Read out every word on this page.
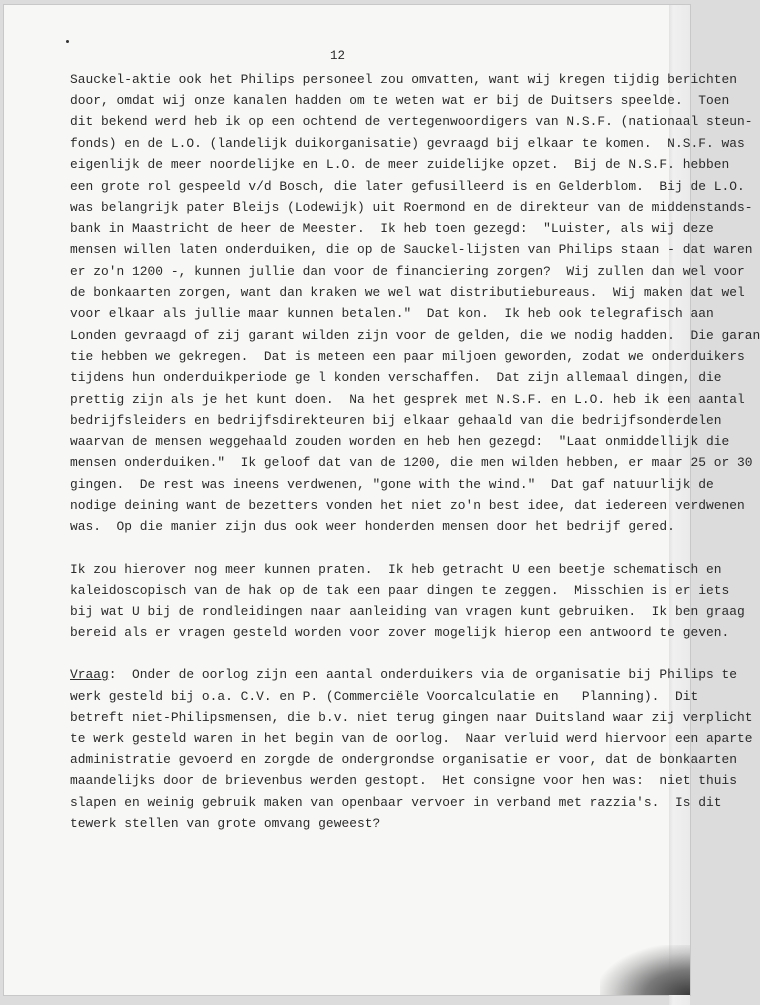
12
Sauckel-aktie ook het Philips personeel zou omvatten, want wij kregen tijdig berichten
door, omdat wij onze kanalen hadden om te weten wat er bij de Duitsers speelde.  Toen
dit bekend werd heb ik op een ochtend de vertegenwoordigers van N.S.F. (nationaal steun-
fonds) en de L.O. (landelijk duikorganisatie) gevraagd bij elkaar te komen.  N.S.F. was
eigenlijk de meer noordelijke en L.O. de meer zuidelijke opzet.  Bij de N.S.F. hebben
een grote rol gespeeld v/d Bosch, die later gefusilleerd is en Gelderblom.  Bij de L.O.
was belangrijk pater Bleijs (Lodewijk) uit Roermond en de direkteur van de middenstands-
bank in Maastricht de heer de Meester.  Ik heb toen gezegd:  "Luister, als wij deze
mensen willen laten onderduiken, die op de Sauckel-lijsten van Philips staan - dat waren
er zo'n 1200 -, kunnen jullie dan voor de financiering zorgen?  Wij zullen dan wel voor
de bonkaarten zorgen, want dan kraken we wel wat distributiebureaus.  Wij maken dat wel
voor elkaar als jullie maar kunnen betalen."  Dat kon.  Ik heb ook telegrafisch aan
Londen gevraagd of zij garant wilden zijn voor de gelden, die we nodig hadden.  Die garan
tie hebben we gekregen.  Dat is meteen een paar miljoen geworden, zodat we onderduikers
tijdens hun onderduikperiode ge l konden verschaffen.  Dat zijn allemaal dingen, die
prettig zijn als je het kunt doen.  Na het gesprek met N.S.F. en L.O. heb ik een aantal
bedrijfsleiders en bedrijfsdirekteuren bij elkaar gehaald van die bedrijfsonderdelen
waarvan de mensen weggehaald zouden worden en heb hen gezegd:  "Laat onmiddellijk die
mensen onderduiken."  Ik geloof dat van de 1200, die men wilden hebben, er maar 25 or 30
gingen.  De rest was ineens verdwenen, "gone with the wind."  Dat gaf natuurlijk de
nodige deining want de bezetters vonden het niet zo'n best idee, dat iedereen verdwenen
was.  Op die manier zijn dus ook weer honderden mensen door het bedrijf gered.
Ik zou hierover nog meer kunnen praten.  Ik heb getracht U een beetje schematisch en
kaleidoscopisch van de hak op de tak een paar dingen te zeggen.  Misschien is er iets
bij wat U bij de rondleidingen naar aanleiding van vragen kunt gebruiken.  Ik ben graag
bereid als er vragen gesteld worden voor zover mogelijk hierop een antwoord te geven.
Vraag:  Onder de oorlog zijn een aantal onderduikers via de organisatie bij Philips te
werk gesteld bij o.a. C.V. en P. (Commerciële Voorcalculatie en   Planning).  Dit
betreft niet-Philipsmensen, die b.v. niet terug gingen naar Duitsland waar zij verplicht
te werk gesteld waren in het begin van de oorlog.  Naar verluid werd hiervoor een aparte
administratie gevoerd en zorgde de ondergrondse organisatie er voor, dat de bonkaarten
maandelijks door de brievenbus werden gestopt.  Het consigne voor hen was:  niet thuis
slapen en weinig gebruik maken van openbaar vervoer in verband met razzia's.  Is dit
tewerk stellen van grote omvang geweest?
